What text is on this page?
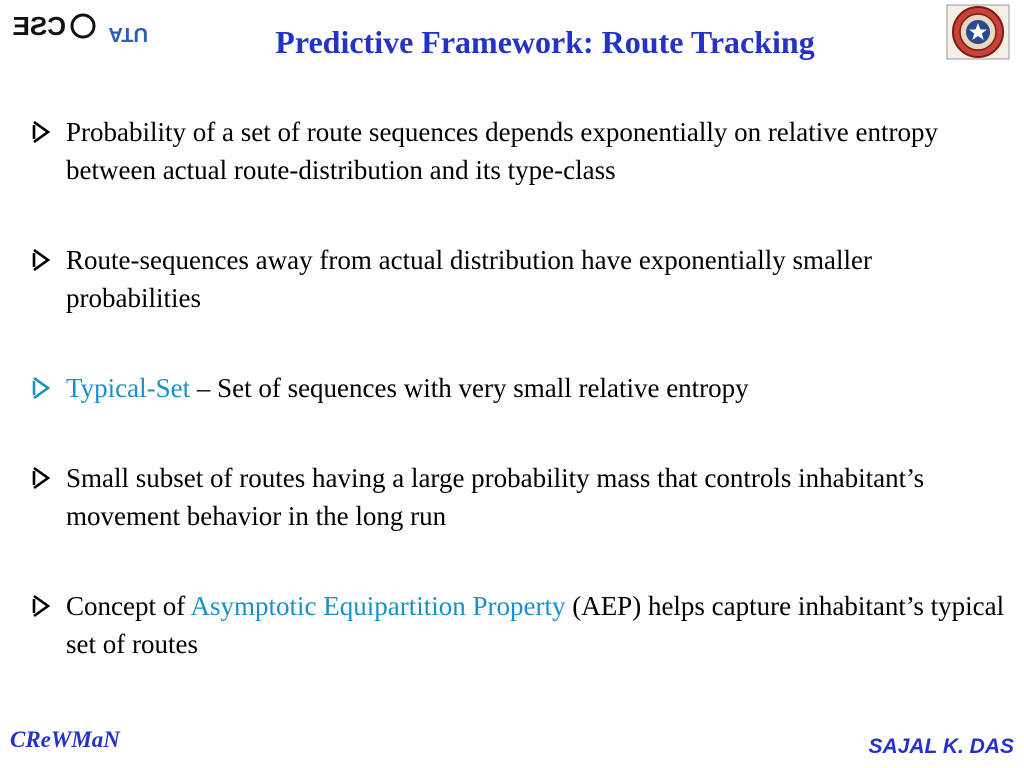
CSE UTA	Predictive Framework: Route Tracking
Probability of a set of route sequences depends exponentially on relative entropy between actual route-distribution and its type-class
Route-sequences away from actual distribution have exponentially smaller probabilities
Typical-Set – Set of sequences with very small relative entropy
Small subset of routes having a large probability mass that controls inhabitant’s movement behavior in the long run
Concept of Asymptotic Equipartition Property (AEP) helps capture inhabitant’s typical set of routes
CReWMaN	SAJAL K. DAS
